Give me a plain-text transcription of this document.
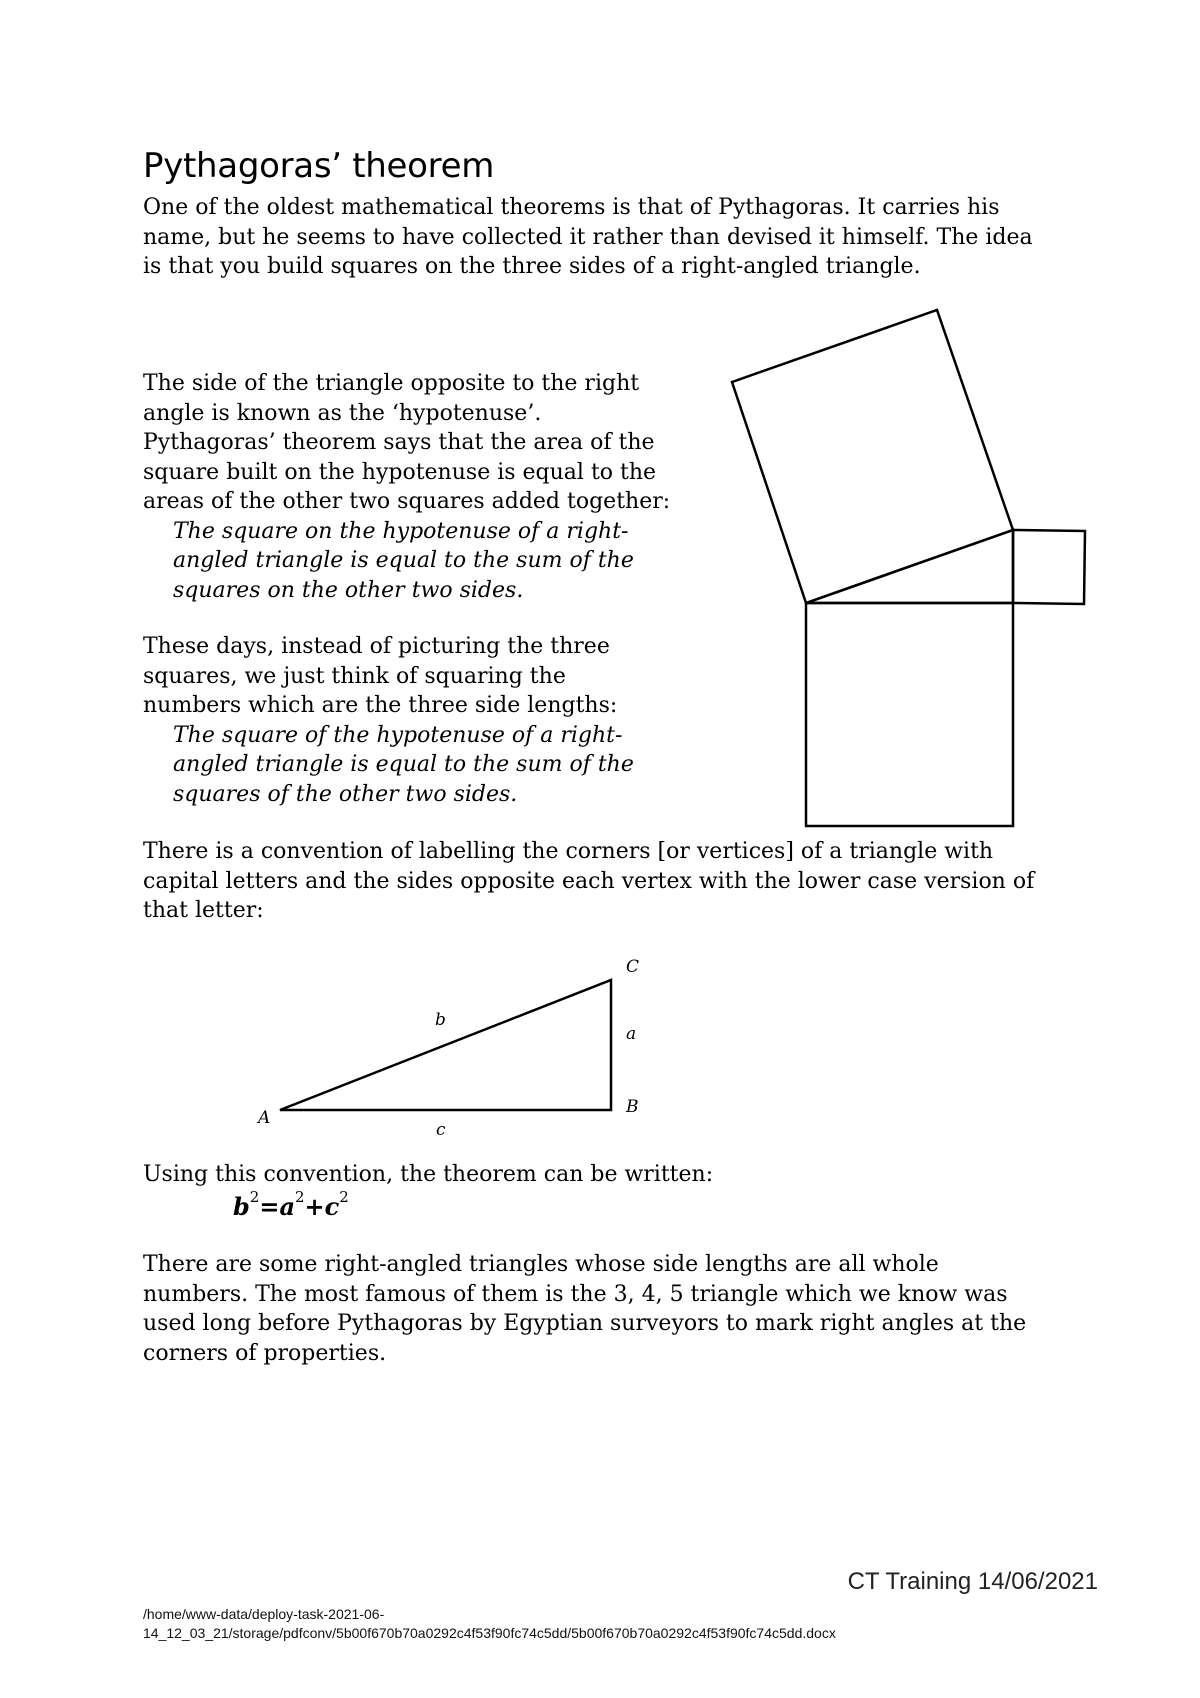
Pythagoras’ theorem
One of the oldest mathematical theorems is that of Pythagoras. It carries his
name, but he seems to have collected it rather than devised it himself. The idea
is that you build squares on the three sides of a right-angled triangle.
The side of the triangle opposite to the right
angle is known as the ‘hypotenuse’.
Pythagoras’ theorem says that the area of the
square built on the hypotenuse is equal to the
areas of the other two squares added together:
The square on the hypotenuse of a right-
angled triangle is equal to the sum of the
squares on the other two sides.
These days, instead of picturing the three
squares, we just think of squaring the
numbers which are the three side lengths:
The square of the hypotenuse of a right-
angled triangle is equal to the sum of the
squares of the other two sides.
There is a convention of labelling the corners [or vertices] of a triangle with
capital letters and the sides opposite each vertex with the lower case version of
that letter:
A
B
C
a
b
c
Using this convention, the theorem can be written:
$b^2=a^2+c^2$
There are some right-angled triangles whose side lengths are all whole
numbers. The most famous of them is the 3, 4, 5 triangle which we know was
used long before Pythagoras by Egyptian surveyors to mark right angles at the
corners of properties.
CT Training 14/06/2021
/home/www-data/deploy-task-2021-06-
14_12_03_21/storage/pdfconv/5b00f670b70a0292c4f53f90fc74c5dd/5b00f670b70a0292c4f53f90fc74c5dd.docx
